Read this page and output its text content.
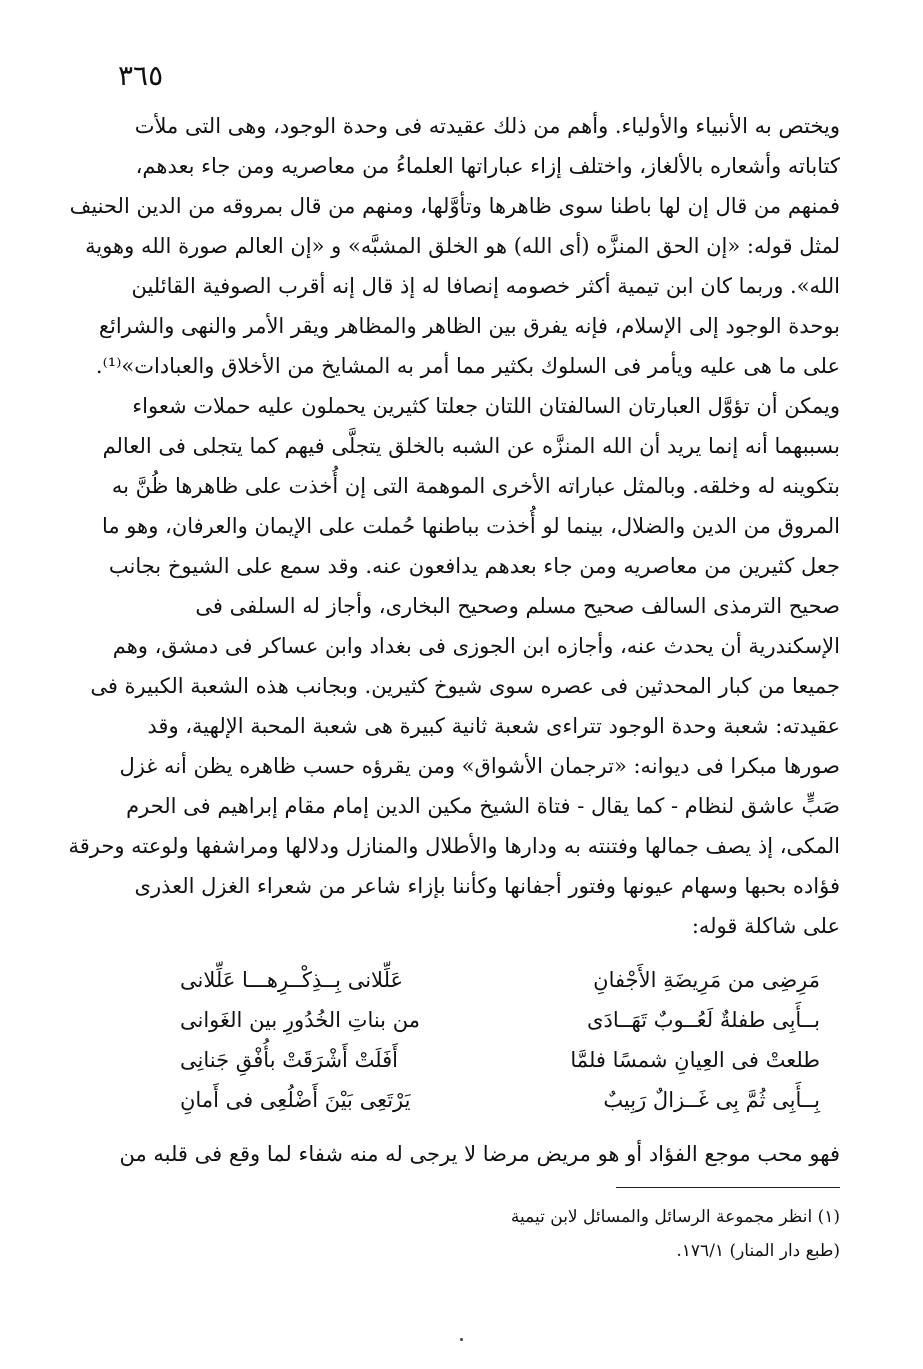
٣٦٥
ويختص به الأنبياء والأولياء. وأهم من ذلك عقيدته فى وحدة الوجود، وهى التى ملأت
كتاباته وأشعاره بالألغاز، واختلف إزاء عباراتها العلماءُ من معاصريه ومن جاء بعدهم،
فمنهم من قال إن لها باطنا سوى ظاهرها وتأوَّلها، ومنهم من قال بمروقه من الدين الحنيف
لمثل قوله: «إن الحق المنزَّه (أى الله) هو الخلق المشبَّه» و «إن العالم صورة الله وهوية
الله». وربما كان ابن تيمية أكثر خصومه إنصافا له إذ قال إنه أقرب الصوفية القائلين
بوحدة الوجود إلى الإسلام، فإنه يفرق بين الظاهر والمظاهر ويقر الأمر والنهى والشرائع
على ما هى عليه ويأمر فى السلوك بكثير مما أمر به المشايخ من الأخلاق والعبادات»⁽¹⁾.
ويمكن أن تؤوَّل العبارتان السالفتان اللتان جعلتا كثيرين يحملون عليه حملات شعواء
بسببهما أنه إنما يريد أن الله المنزَّه عن الشبه بالخلق يتجلَّى فيهم كما يتجلى فى العالم
بتكوينه له وخلقه. وبالمثل عباراته الأخرى الموهمة التى إن أُخذت على ظاهرها ظُنَّ به
المروق من الدين والضلال، بينما لو أُخذت بباطنها حُملت على الإيمان والعرفان، وهو ما
جعل كثيرين من معاصريه ومن جاء بعدهم يدافعون عنه. وقد سمع على الشيوخ بجانب
صحيح الترمذى السالف صحيح مسلم وصحيح البخارى، وأجاز له السلفى فى
الإسكندرية أن يحدث عنه، وأجازه ابن الجوزى فى بغداد وابن عساكر فى دمشق، وهم
جميعا من كبار المحدثين فى عصره سوى شيوخ كثيرين. وبجانب هذه الشعبة الكبيرة فى
عقيدته: شعبة وحدة الوجود تتراءى شعبة ثانية كبيرة هى شعبة المحبة الإلهية، وقد
صورها مبكرا فى ديوانه: «ترجمان الأشواق» ومن يقرؤه حسب ظاهره يظن أنه غزل
صَبٍّ عاشق لنظام - كما يقال - فتاة الشيخ مكين الدين إمام مقام إبراهيم فى الحرم
المكى، إذ يصف جمالها وفتنته به ودارها والأطلال والمنازل ودلالها ومراشفها ولوعته وحرقة
فؤاده بحبها وسهام عيونها وفتور أجفانها وكأننا بإزاء شاعر من شعراء الغزل العذرى
على شاكلة قوله:
مَرِضِى من مَرِيضَةِ الأَجْفانِ
عَلِّلانى بِــذِكْــرِهـــا عَلِّلانى
بــأَبِى طفلةٌ لَعُــوبٌ تَهَــادَى
من بناتِ الخُدُورِ بين الغَوانى
طلعتْ فى العِيانِ شمسًا فلمَّا
أَفَلَتْ أَشْرَقَتْ بأُفْقِ جَنانِى
بِــأَبِى ثُمَّ بِى غَــزالٌ رَبِيبٌ
يَرْتَعِى بَيْنَ أَضْلُعِى فى أَمانِ
فهو محب موجع الفؤاد أو هو مريض مرضا لا يرجى له منه شفاء لما وقع فى قلبه من
(١) انظر مجموعة الرسائل والمسائل لابن تيمية
(طبع دار المنار) ١٧٦/١.
